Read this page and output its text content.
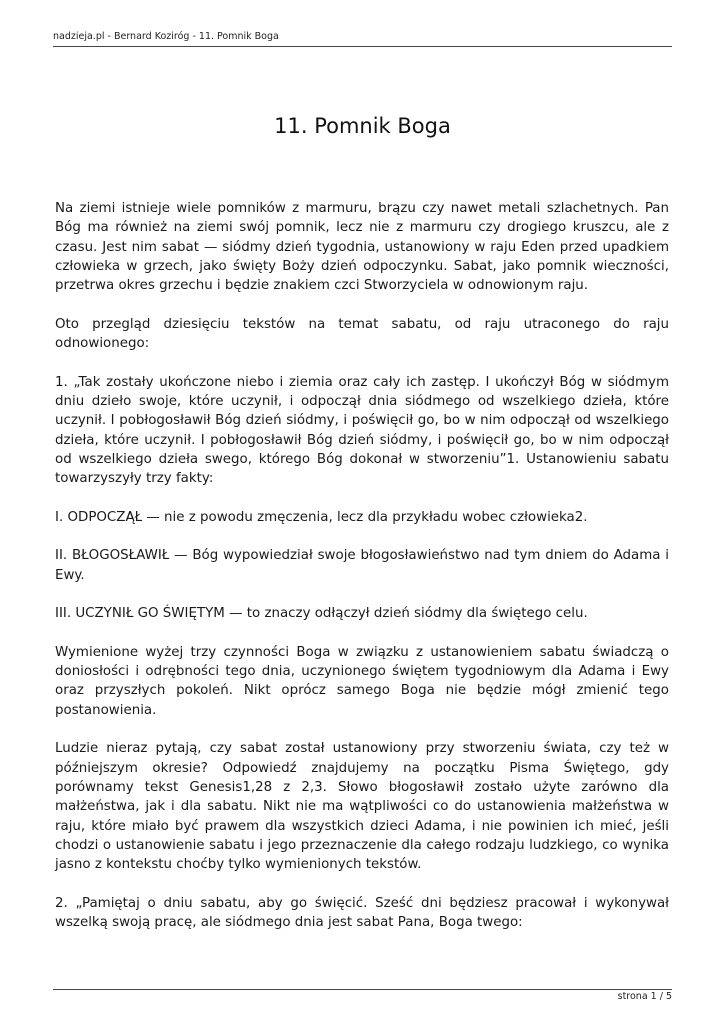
nadzieja.pl - Bernard Koziróg - 11. Pomnik Boga
11. Pomnik Boga

Na ziemi istnieje wiele pomników z marmuru, brązu czy nawet metali szlachetnych. Pan Bóg ma również na ziemi swój pomnik, lecz nie z marmuru czy drogiego kruszcu, ale z czasu. Jest nim sabat — siódmy dzień tygodnia, ustanowiony w raju Eden przed upadkiem człowieka w grzech, jako święty Boży dzień odpoczynku. Sabat, jako pomnik wieczności, przetrwa okres grzechu i będzie znakiem czci Stworzyciela w odnowionym raju.

Oto przegląd dziesięciu tekstów na temat sabatu, od raju utraconego do raju odnowionego:

1. „Tak zostały ukończone niebo i ziemia oraz cały ich zastęp. I ukończył Bóg w siódmym dniu dzieło swoje, które uczynił, i odpoczął dnia siódmego od wszelkiego dzieła, które uczynił. I pobłogosławił Bóg dzień siódmy, i poświęcił go, bo w nim odpoczął od wszelkiego dzieła, które uczynił. I pobłogosławił Bóg dzień siódmy, i poświęcił go, bo w nim odpoczął od wszelkiego dzieła swego, którego Bóg dokonał w stworzeniu”1. Ustanowieniu sabatu towarzyszyły trzy fakty:

I. ODPOCZĄŁ — nie z powodu zmęczenia, lecz dla przykładu wobec człowieka2.

II. BŁOGOSŁAWIŁ — Bóg wypowiedział swoje błogosławieństwo nad tym dniem do Adama i Ewy.

III. UCZYNIŁ GO ŚWIĘTYM — to znaczy odłączył dzień siódmy dla świętego celu.

Wymienione wyżej trzy czynności Boga w związku z ustanowieniem sabatu świadczą o doniosłości i odrębności tego dnia, uczynionego świętem tygodniowym dla Adama i Ewy oraz przyszłych pokoleń. Nikt oprócz samego Boga nie będzie mógł zmienić tego postanowienia.

Ludzie nieraz pytają, czy sabat został ustanowiony przy stworzeniu świata, czy też w późniejszym okresie? Odpowiedź znajdujemy na początku Pisma Świętego, gdy porównamy tekst Genesis1,28 z 2,3. Słowo błogosławił zostało użyte zarówno dla małżeństwa, jak i dla sabatu. Nikt nie ma wątpliwości co do ustanowienia małżeństwa w raju, które miało być prawem dla wszystkich dzieci Adama, i nie powinien ich mieć, jeśli chodzi o ustanowienie sabatu i jego przeznaczenie dla całego rodzaju ludzkiego, co wynika jasno z kontekstu choćby tylko wymienionych tekstów.

2. „Pamiętaj o dniu sabatu, aby go święcić. Sześć dni będziesz pracował i wykonywał wszelką swoją pracę, ale siódmego dnia jest sabat Pana, Boga twego:

strona 1 / 5
